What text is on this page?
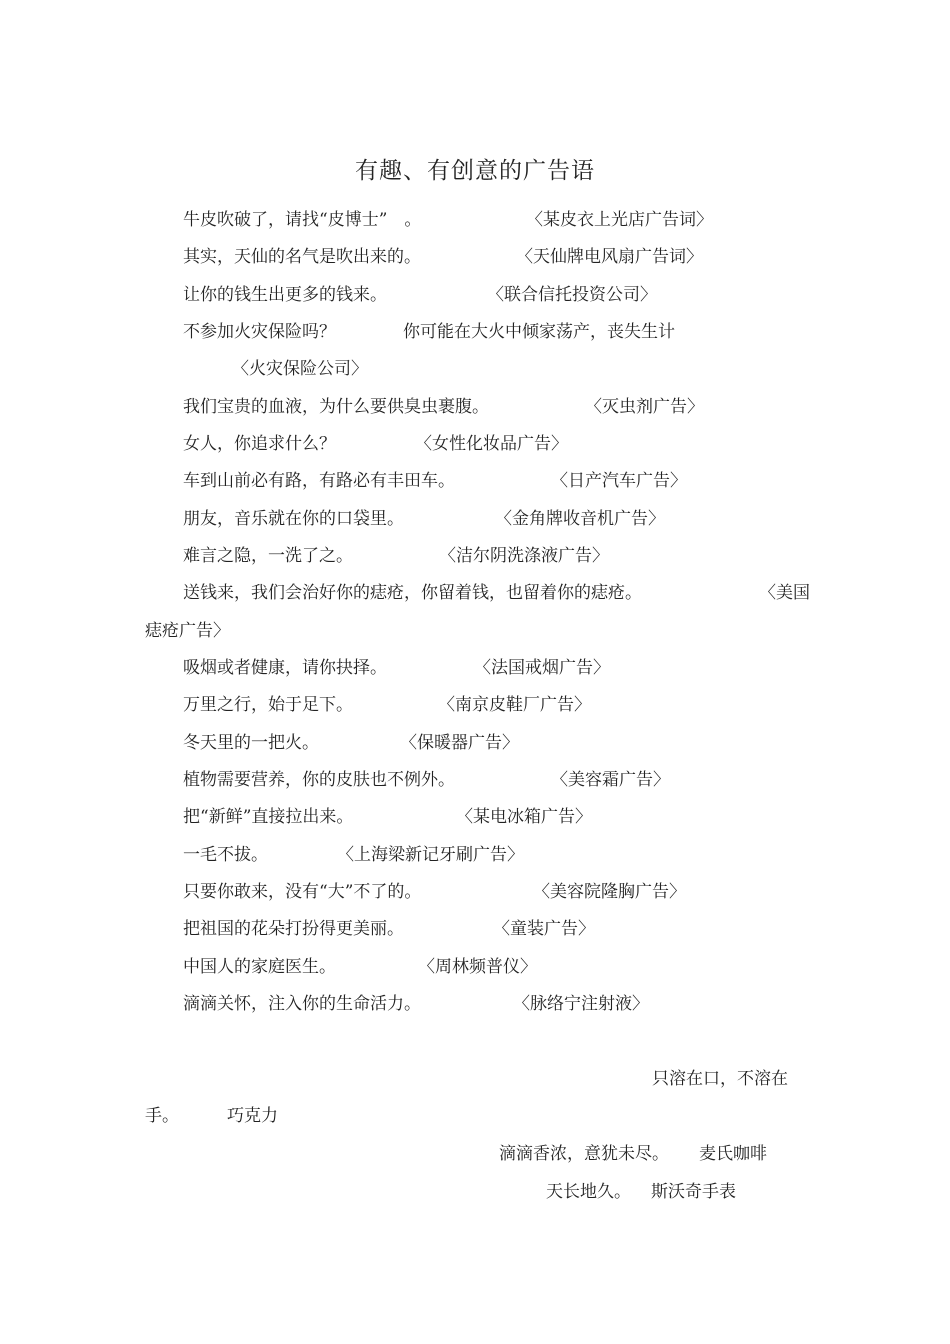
有趣、有创意的广告语
牛皮吹破了，请找“皮博士”　。	〈某皮衣上光店广告词〉
其实，天仙的名气是吹出来的。	〈天仙牌电风扇广告词〉
让你的钱生出更多的钱来。	〈联合信托投资公司〉
不参加火灾保险吗？	你可能在大火中倾家荡产，丧失生计
〈火灾保险公司〉
我们宝贵的血液，为什么要供臭虫裹腹。	〈灭虫剂广告〉
女人，你追求什么？	〈女性化妆品广告〉
车到山前必有路，有路必有丰田车。	〈日产汽车广告〉
朋友，音乐就在你的口袋里。	〈金角牌收音机广告〉
难言之隐，一洗了之。	〈洁尔阴洗涤液广告〉
送钱来，我们会治好你的痣疮，你留着钱，也留着你的痣疮。	〈美国
痣疮广告〉
吸烟或者健康，请你抉择。	〈法国戒烟广告〉
万里之行，始于足下。	〈南京皮鞋厂广告〉
冬天里的一把火。	〈保暖器广告〉
植物需要营养，你的皮肤也不例外。	〈美容霜广告〉
把“新鲜”直接拉出来。	〈某电冰箱广告〉
一毛不拔。	〈上海梁新记牙刷广告〉
只要你敢来，没有“大”不了的。	〈美容院隆胸广告〉
把祖国的花朵打扮得更美丽。	〈童装广告〉
中国人的家庭医生。	〈周林频普仪〉
滴滴关怀，注入你的生命活力。	〈脉络宁注射液〉
只溶在口，不溶在
手。	巧克力
滴滴香浓，意犹未尽。 麦氏咖啡
天长地久。 斯沃奇手表
